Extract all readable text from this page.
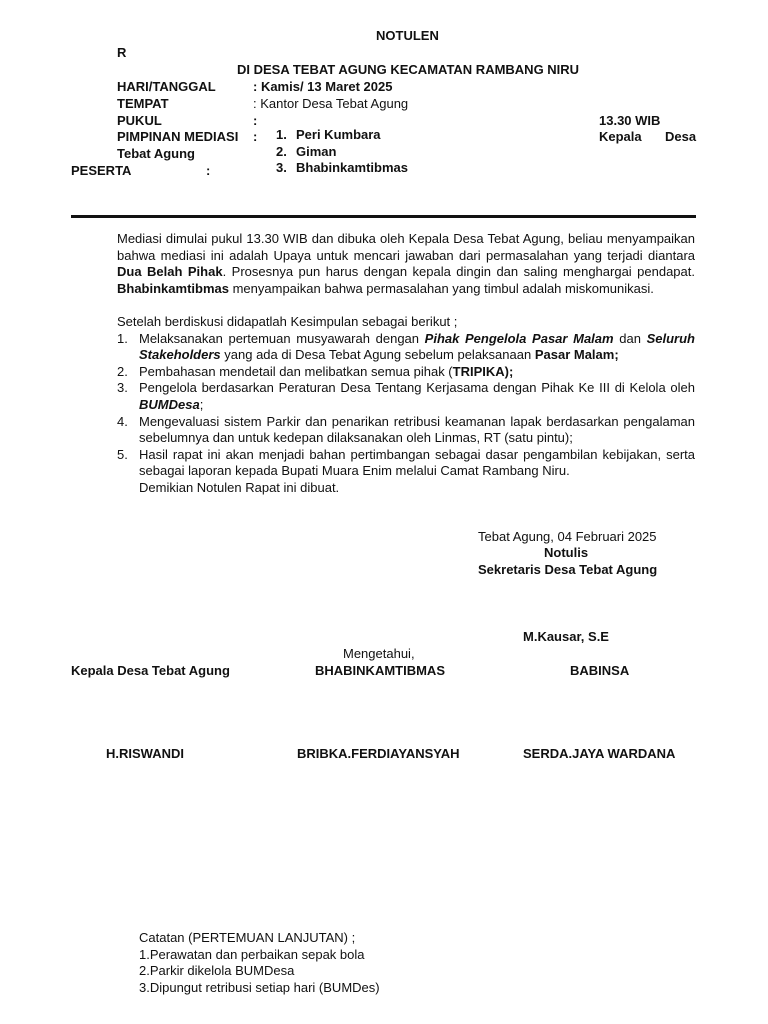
NOTULEN
R
DI DESA TEBAT AGUNG KECAMATAN RAMBANG NIRU
HARI/TANGGAL	: Kamis/ 13 Maret 2025
TEMPAT	: Kantor Desa Tebat Agung
PUKUL	:	13.30 WIB
PIMPINAN MEDIASI :	Kepala Desa
Tebat Agung
1. Peri Kumbara
2. Giman
3. Bhabinkamtibmas
PESERTA	:

Mediasi dimulai pukul 13.30 WIB dan dibuka oleh Kepala Desa Tebat Agung, beliau menyampaikan bahwa mediasi ini adalah Upaya untuk mencari jawaban dari permasalahan yang terjadi diantara Dua Belah Pihak. Prosesnya pun harus dengan kepala dingin dan saling menghargai pendapat. Bhabinkamtibmas menyampaikan bahwa permasalahan yang timbul adalah miskomunikasi.

Setelah berdiskusi didapatlah Kesimpulan sebagai berikut ;

1. Melaksanakan pertemuan musyawarah dengan Pihak Pengelola Pasar Malam dan Seluruh Stakeholders yang ada di Desa Tebat Agung sebelum pelaksanaan Pasar Malam;
2. Pembahasan mendetail dan melibatkan semua pihak (TRIPIKA);
3. Pengelola berdasarkan Peraturan Desa Tentang Kerjasama dengan Pihak Ke III di Kelola oleh BUMDesa;
4. Mengevaluasi sistem Parkir dan penarikan retribusi keamanan lapak berdasarkan pengalaman sebelumnya dan untuk kedepan dilaksanakan oleh Linmas, RT (satu pintu);
5. Hasil rapat ini akan menjadi bahan pertimbangan sebagai dasar pengambilan kebijakan, serta sebagai laporan kepada Bupati Muara Enim melalui Camat Rambang Niru.
Demikian Notulen Rapat ini dibuat.
Tebat Agung, 04 Februari 2025
Notulis
Sekretaris Desa Tebat Agung
M.Kausar, S.E
Mengetahui,
Kepala Desa Tebat Agung	BHABINKAMTIBMAS	BABINSA
H.RISWANDI	BRIBKA.FERDIAYANSYAH	SERDA.JAYA WARDANA
Catatan (PERTEMUAN LANJUTAN) ;
1.Perawatan dan perbaikan sepak bola
2.Parkir dikelola BUMDesa
3.Dipungut retribusi setiap hari (BUMDes)
